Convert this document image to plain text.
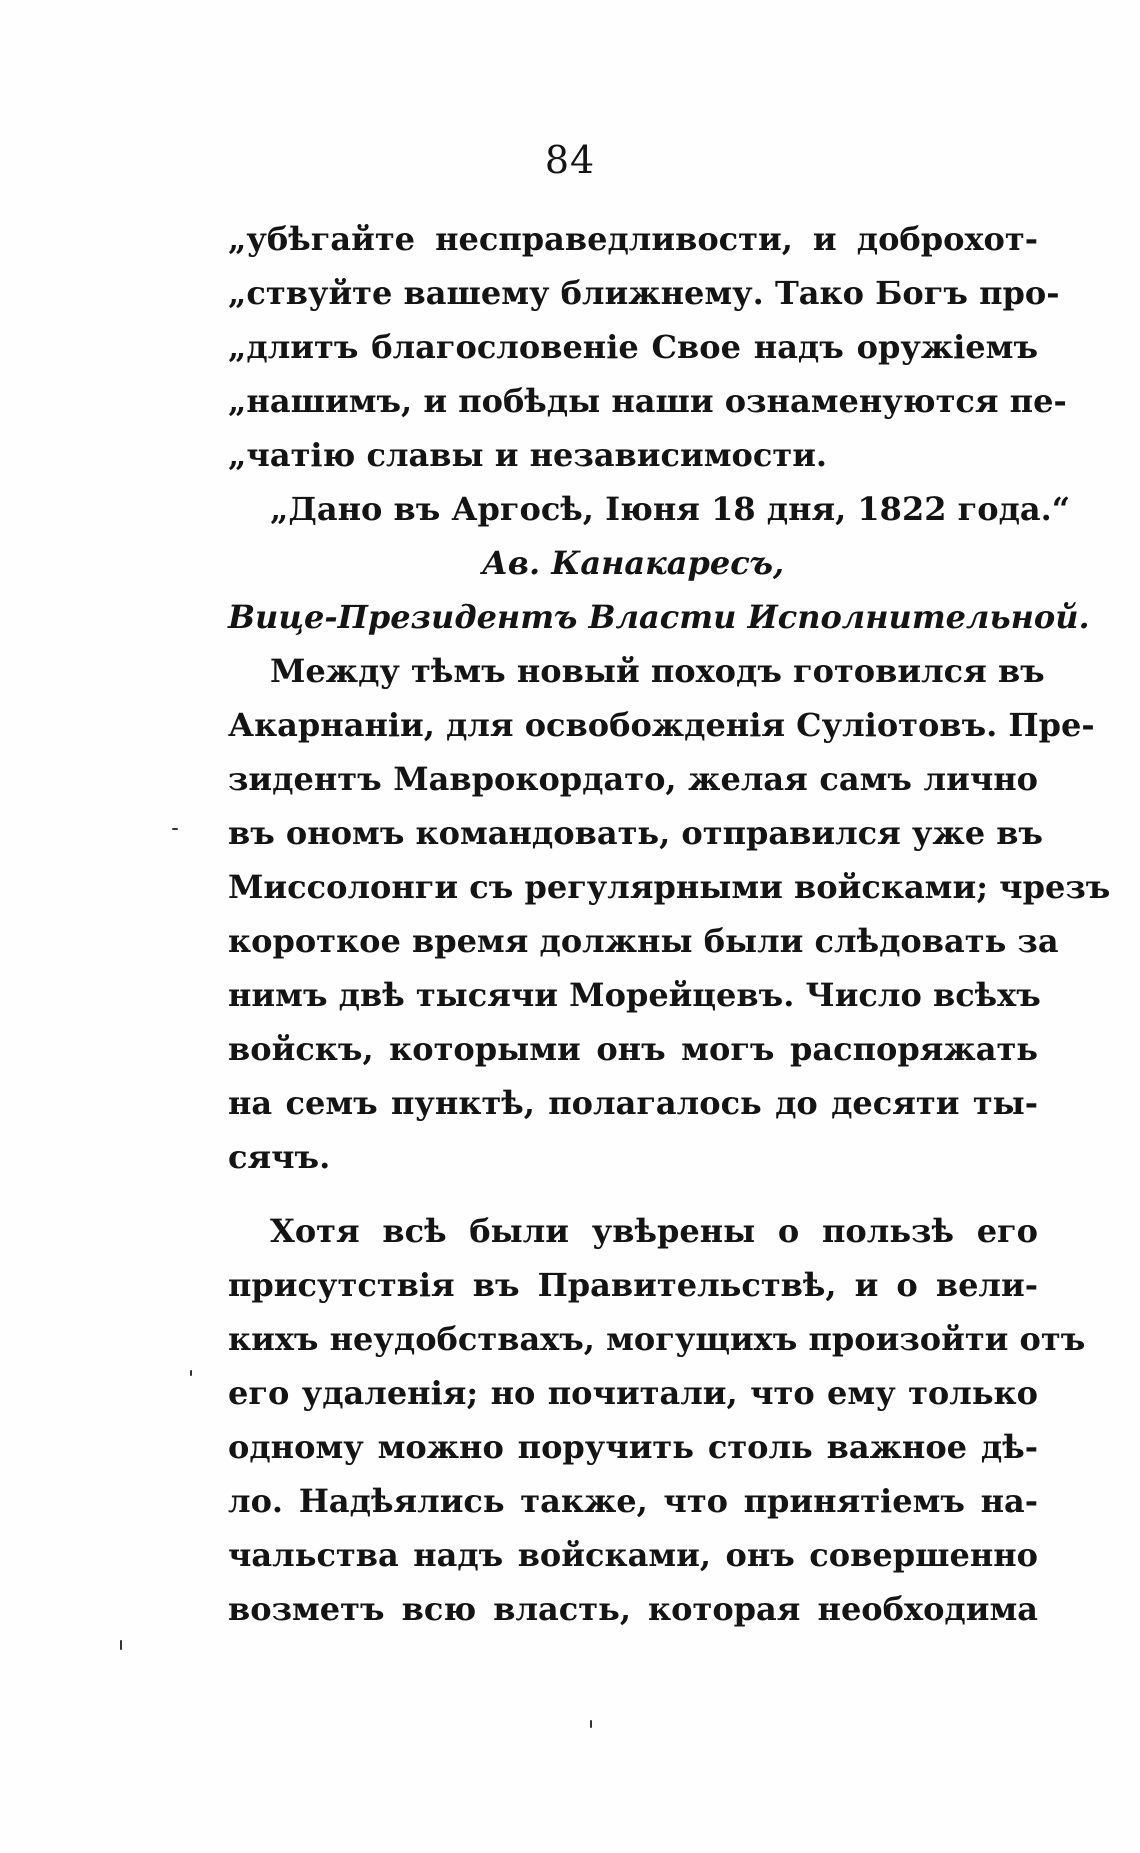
84
„убѣгайте несправедливости, и доброхот-
„ствуйте вашему ближнему. Тако Богъ про-
„длитъ благословенiе Свое надъ оружiемъ
„нашимъ, и побѣды наши ознаменуются пе-
„чатiю славы и независимости.
„Дано въ Аргосѣ, Iюня 18 дня, 1822 года.“
Ав. Канакаресъ,
Вице-Президентъ Власти Исполнительной.
Между тѣмъ новый походъ готовился въ
Акарнанiи, для освобожденiя Сулiотовъ. Пре-
зидентъ Маврокордато, желая самъ лично
въ ономъ командовать, отправился уже въ
Миссолонги съ регулярными войсками; чрезъ
короткое время должны были слѣдовать за
нимъ двѣ тысячи Морейцевъ. Число всѣхъ
войскъ, которыми онъ могъ распоряжать
на семъ пунктѣ, полагалось до десяти ты-
сячъ.
Хотя всѣ были увѣрены о пользѣ его
присутствiя въ Правительствѣ, и о вели-
кихъ неудобствахъ, могущихъ произойти отъ
его удаленiя; но почитали, что ему только
одному можно поручить столь важное дѣ-
ло. Надѣялись также, что принятiемъ на-
чальства надъ войсками, онъ совершенно
возметъ всю власть, которая необходима
